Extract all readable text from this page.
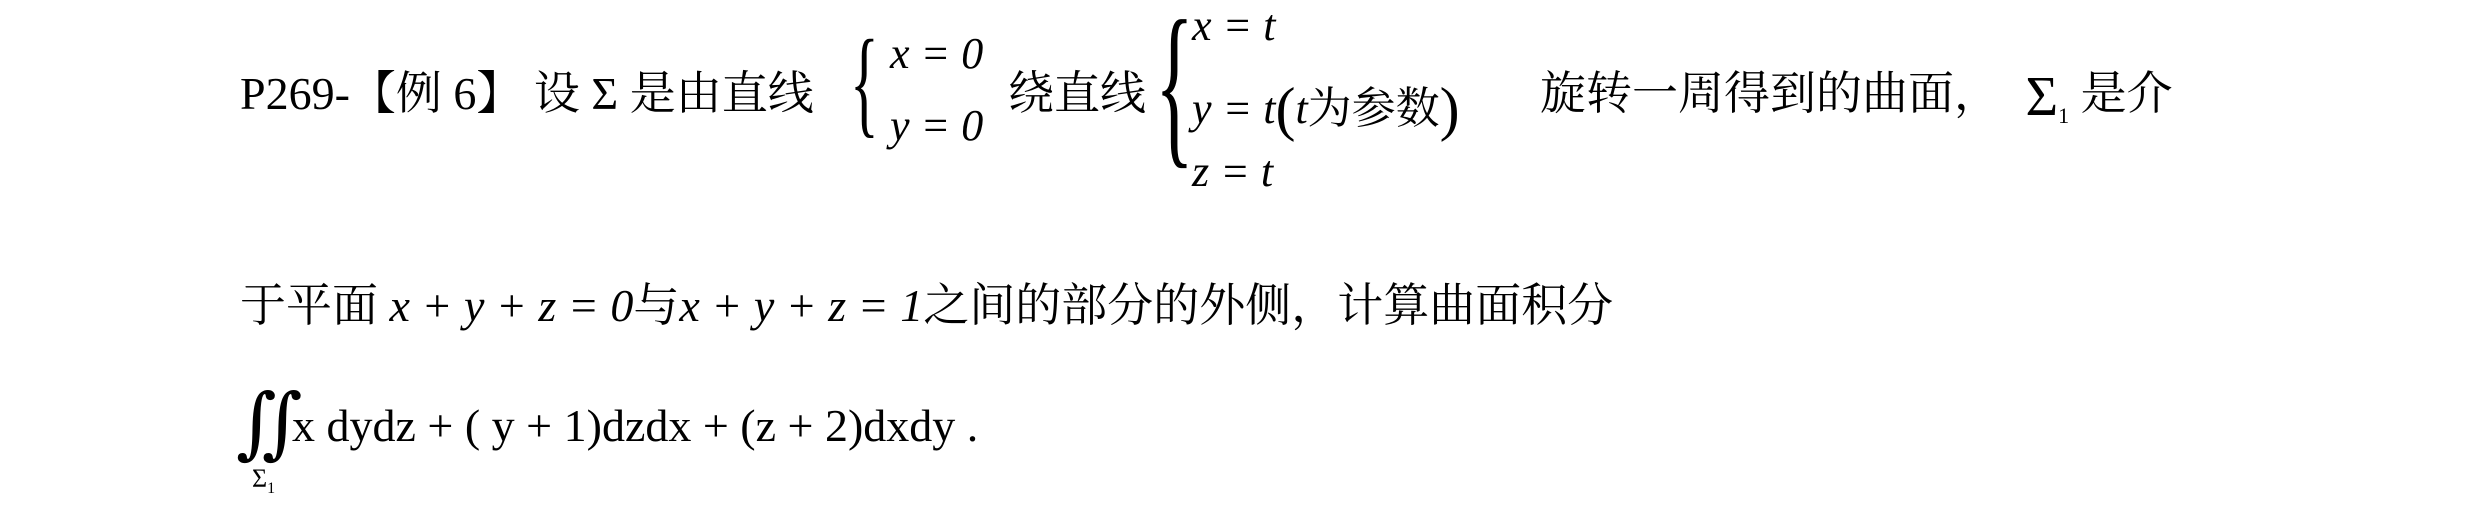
P269-【例 6】 设 Σ 是由直线 { x = 0
y = 0
绕直线 {
x = t
y = t(t为参数)
z = t
旋转一周得到的曲面， $\Sigma_1$ 是介
于平面 x + y + z = 0与x + y + z = 1之间的部分的外侧，计算曲面积分
∬
$\Sigma_1$
x dydz + ( y + 1)dzdx + (z + 2)dxdy .
